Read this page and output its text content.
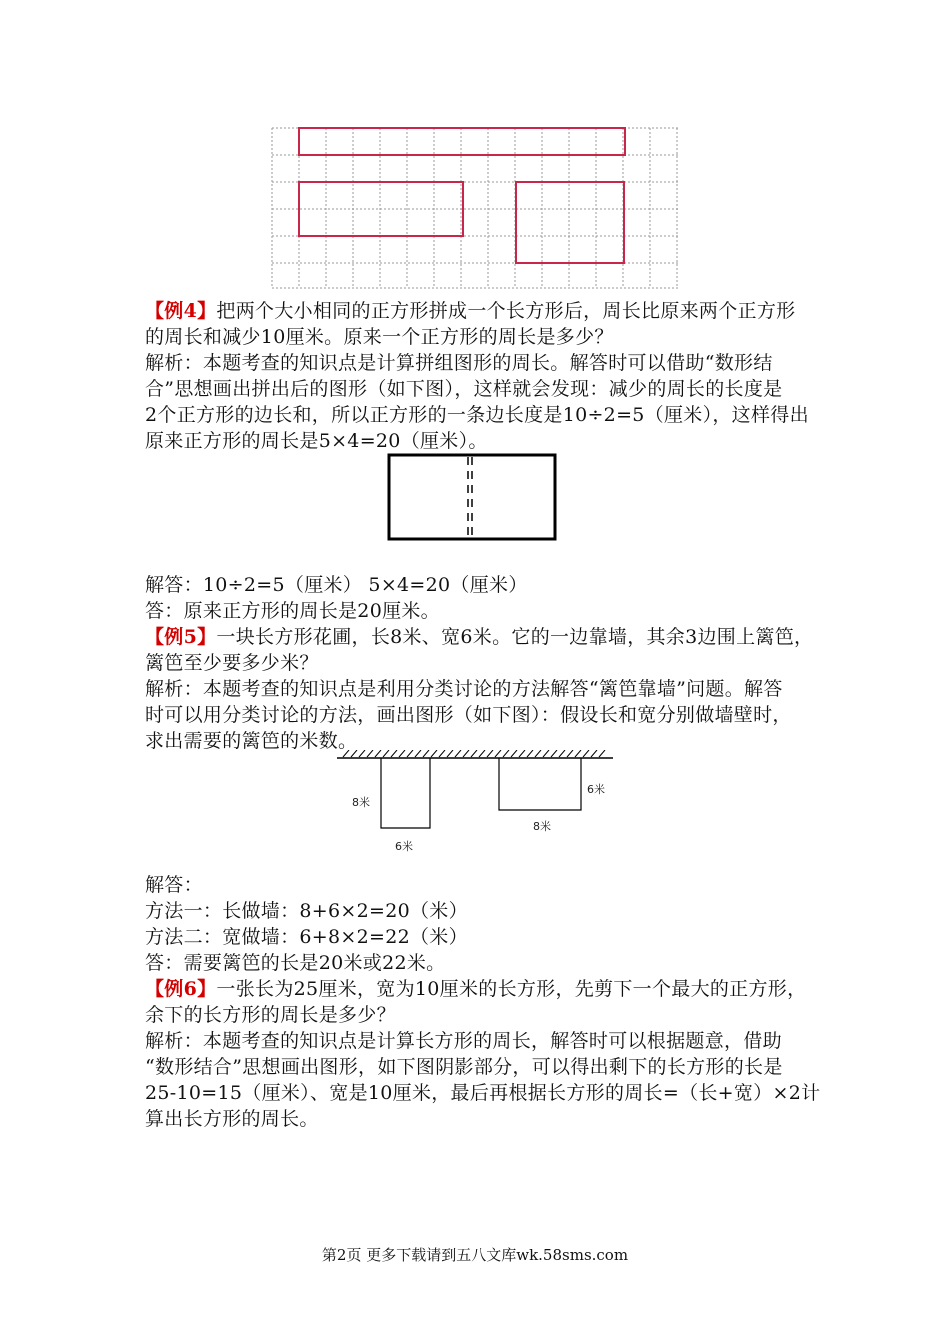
【例4】把两个大小相同的正方形拼成一个长方形后，周长比原来两个正方形
的周长和减少10厘米。原来一个正方形的周长是多少？
解析：本题考查的知识点是计算拼组图形的周长。解答时可以借助“数形结
合”思想画出拼出后的图形（如下图），这样就会发现：减少的周长的长度是
2个正方形的边长和，所以正方形的一条边长度是10÷2=5（厘米），这样得出
原来正方形的周长是5×4=20（厘米）。
解答：10÷2=5（厘米） 5×4=20（厘米）
答：原来正方形的周长是20厘米。
【例5】一块长方形花圃，长8米、宽6米。它的一边靠墙，其余3边围上篱笆，
篱笆至少要多少米？
解析：本题考查的知识点是利用分类讨论的方法解答“篱笆靠墙”问题。解答
时可以用分类讨论的方法，画出图形（如下图）：假设长和宽分别做墙壁时，
求出需要的篱笆的米数。
8米
6米
6米
8米
解答：
方法一：长做墙：8+6×2=20（米）
方法二：宽做墙：6+8×2=22（米）
答：需要篱笆的长是20米或22米。
【例6】一张长为25厘米，宽为10厘米的长方形，先剪下一个最大的正方形，
余下的长方形的周长是多少？
解析：本题考查的知识点是计算长方形的周长，解答时可以根据题意，借助
“数形结合”思想画出图形，如下图阴影部分，可以得出剩下的长方形的长是
25-10=15（厘米）、宽是10厘米，最后再根据长方形的周长=（长+宽）×2计
算出长方形的周长。
第2页 更多下载请到五八文库wk.58sms.com
